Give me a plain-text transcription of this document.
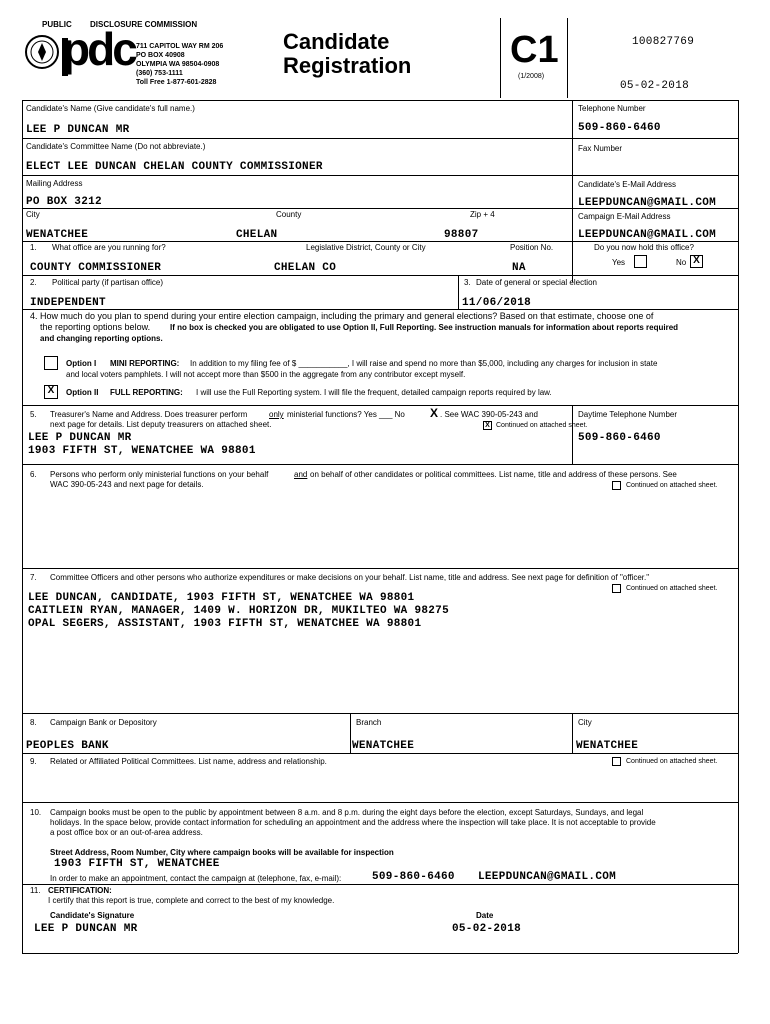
PUBLIC DISCLOSURE COMMISSION
pdc 711 CAPITOL WAY RM 206
PO BOX 40908
OLYMPIA WA 98504-0908
(360) 753-1111
Toll Free 1-877-601-2828
Candidate
Registration	C1
(1/2008)
100827769
05-02-2018
Candidate's Name (Give candidate's full name.)
LEE P DUNCAN MR
Telephone Number
509-860-6460
Candidate's Committee Name (Do not abbreviate.)
ELECT LEE DUNCAN CHELAN COUNTY COMMISSIONER
Fax Number
Mailing Address
PO BOX 3212
Candidate's E-Mail Address
LEEPDUNCAN@GMAIL.COM
City	County	Zip + 4	Campaign E-Mail Address
WENATCHEE	CHELAN	98807	LEEPDUNCAN@GMAIL.COM
1. What office are you running for?	Legislative District, County or City	Position No.	Do you now hold this office?
Yes	No X
COUNTY COMMISSIONER	CHELAN CO	NA
2. Political party (if partisan office)
INDEPENDENT
3. Date of general or special election
11/06/2018
4. How much do you plan to spend during your entire election campaign, including the primary and general elections? Based on that estimate, choose one of
the reporting options below. If no box is checked you are obligated to use Option II, Full Reporting. See instruction manuals for information about reports required
and changing reporting options.
Option I MINI REPORTING: In addition to my filing fee of $ ___________, I will raise and spend no more than $5,000, including any charges for inclusion in state
and local voters pamphlets. I will not accept more than $500 in the aggregate from any contributor except myself.
X	Option II FULL REPORTING: I will use the Full Reporting system. I will file the frequent, detailed campaign reports required by law.
5. Treasurer's Name and Address. Does treasurer perform	only ministerial functions? Yes ___ No X . See WAC 390-05-243 and
next page for details. List deputy treasurers on attached sheet.	X Continued on attached sheet.
LEE P DUNCAN MR
1903 FIFTH ST, WENATCHEE WA 98801
Daytime Telephone Number
509-860-6460
6. Persons who perform only ministerial functions on your behalf	and on behalf of other candidates or political committees. List name, title and address of these persons. See
WAC 390-05-243 and next page for details.	Continued on attached sheet.
7. Committee Officers and other persons who authorize expenditures or make decisions on your behalf. List name, title and address. See next page for definition of "officer."
Continued on attached sheet.
LEE DUNCAN, CANDIDATE, 1903 FIFTH ST, WENATCHEE WA 98801
CAITLEIN RYAN, MANAGER, 1409 W. HORIZON DR, MUKILTEO WA 98275
OPAL SEGERS, ASSISTANT, 1903 FIFTH ST, WENATCHEE WA 98801
8. Campaign Bank or Depository	Branch	City
PEOPLES BANK	WENATCHEE	WENATCHEE
9. Related or Affiliated Political Committees. List name, address and relationship.	Continued on attached sheet.
10. Campaign books must be open to the public by appointment between 8 a.m. and 8 p.m. during the eight days before the election, except Saturdays, Sundays, and legal
holidays. In the space below, provide contact information for scheduling an appointment and the address where the inspection will take place. It is not acceptable to provide
a post office box or an out-of-area address.
Street Address, Room Number, City where campaign books will be available for inspection
1903 FIFTH ST, WENATCHEE
In order to make an appointment, contact the campaign at (telephone, fax, e-mail):	509-860-6460 LEEPDUNCAN@GMAIL.COM
11. CERTIFICATION:
I certify that this report is true, complete and correct to the best of my knowledge.
Candidate's Signature	Date
LEE P DUNCAN MR	05-02-2018
